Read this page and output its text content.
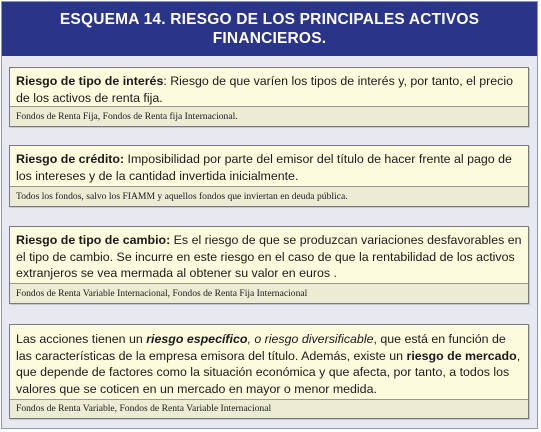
ESQUEMA 14. RIESGO DE LOS PRINCIPALES ACTIVOS
FINANCIEROS.
Riesgo de tipo de interés: Riesgo de que varíen los tipos de interés y, por tanto, el precio de los activos de renta fija.
Fondos de Renta Fija, Fondos de Renta fija Internacional.
Riesgo de crédito: Imposibilidad por parte del emisor del título de hacer frente al pago de los intereses y de la cantidad invertida inicialmente.
Todos los fondos, salvo los FIAMM y aquellos fondos que inviertan en deuda pública.
Riesgo de tipo de cambio: Es el riesgo de que se produzcan variaciones desfavorables en el tipo de cambio. Se incurre en este riesgo en el caso de que la rentabilidad de los activos extranjeros se vea mermada al obtener su valor en euros .
Fondos de Renta Variable Internacional, Fondos de Renta Fija Internacional
Las acciones tienen un riesgo específico, o riesgo diversificable, que está en función de las características de la empresa emisora del título. Además, existe un riesgo de mercado, que depende de factores como la situación económica y que afecta, por tanto, a todos los valores que se coticen en un mercado en mayor o menor medida.
Fondos de Renta Variable, Fondos de Renta Variable Internacional
